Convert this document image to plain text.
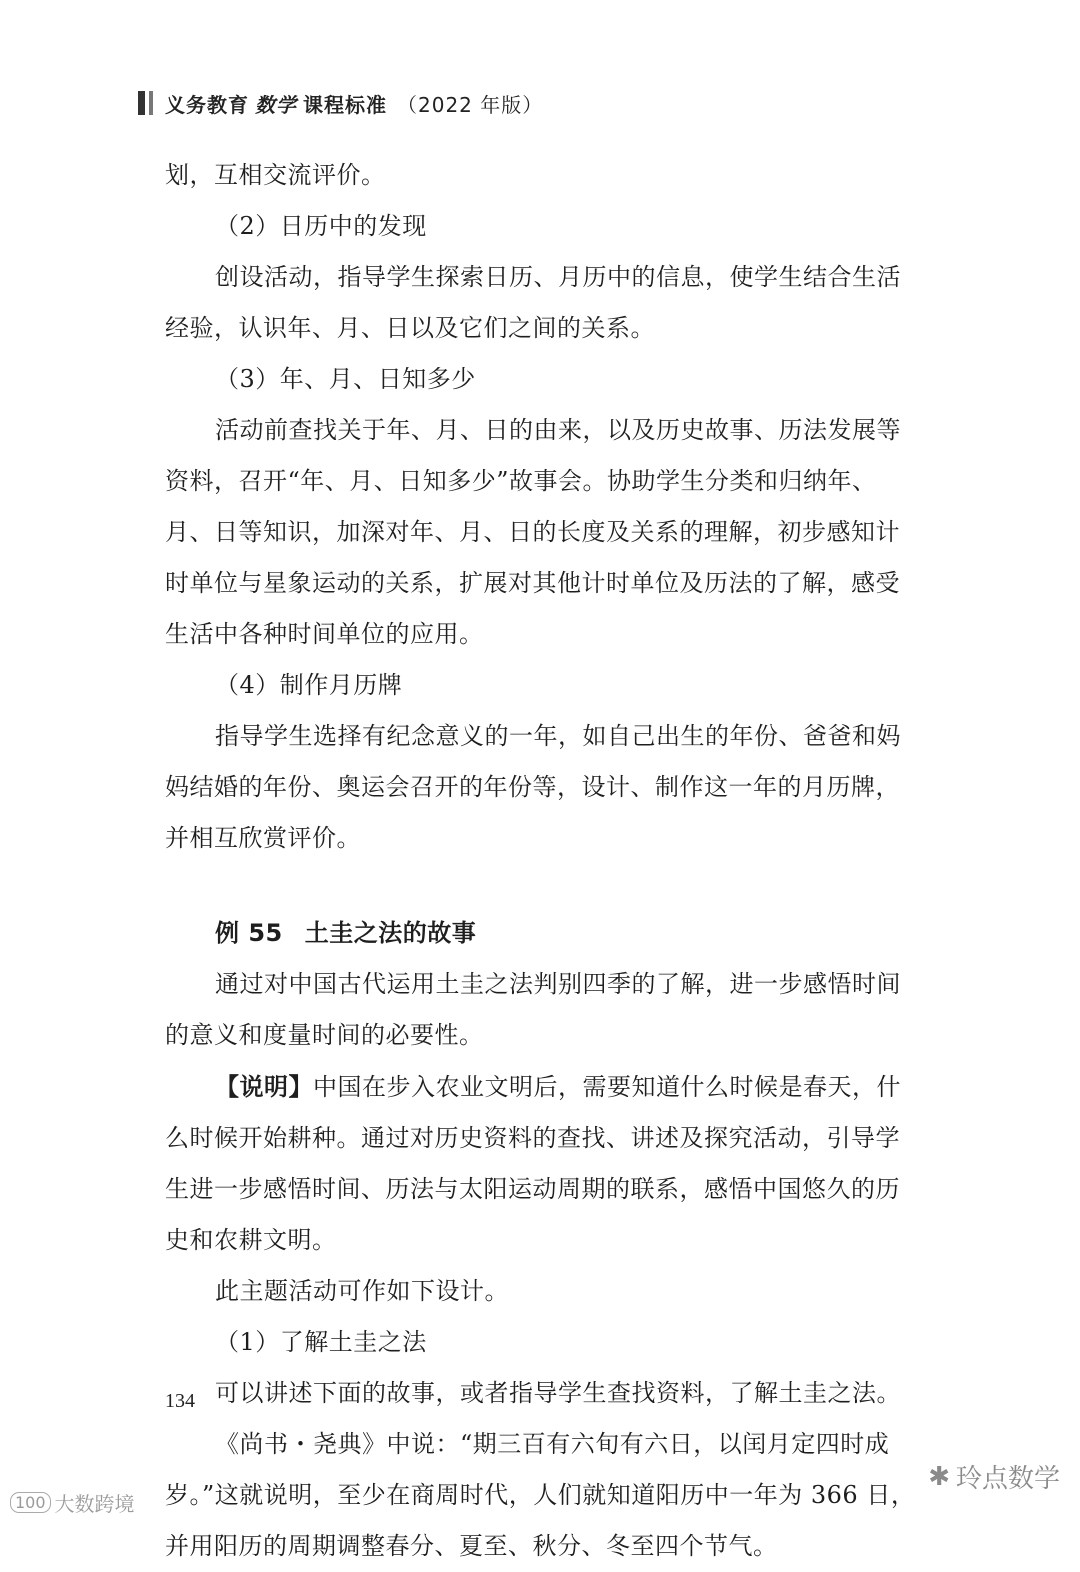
义务教育 数学 课程标准 （2022 年版）

划，互相交流评价。

（2）日历中的发现

创设活动，指导学生探索日历、月历中的信息，使学生结合生活经验，认识年、月、日以及它们之间的关系。

（3）年、月、日知多少

活动前查找关于年、月、日的由来，以及历史故事、历法发展等资料，召开“年、月、日知多少”故事会。协助学生分类和归纳年、月、日等知识，加深对年、月、日的长度及关系的理解，初步感知计时单位与星象运动的关系，扩展对其他计时单位及历法的了解，感受生活中各种时间单位的应用。

（4）制作月历牌

指导学生选择有纪念意义的一年，如自己出生的年份、爸爸和妈妈结婚的年份、奥运会召开的年份等，设计、制作这一年的月历牌，并相互欣赏评价。

例 55 土圭之法的故事

通过对中国古代运用土圭之法判别四季的了解，进一步感悟时间的意义和度量时间的必要性。

【说明】中国在步入农业文明后，需要知道什么时候是春天，什么时候开始耕种。通过对历史资料的查找、讲述及探究活动，引导学生进一步感悟时间、历法与太阳运动周期的联系，感悟中国悠久的历史和农耕文明。

此主题活动可作如下设计。

（1）了解土圭之法

可以讲述下面的故事，或者指导学生查找资料，了解土圭之法。

《尚书・尧典》中说：“期三百有六旬有六日，以闰月定四时成岁。”这就说明，至少在商周时代，人们就知道阳历中一年为 366 日，并用阳历的周期调整春分、夏至、秋分、冬至四个节气。

134
100 大数跨境
✱ 玲点数学
